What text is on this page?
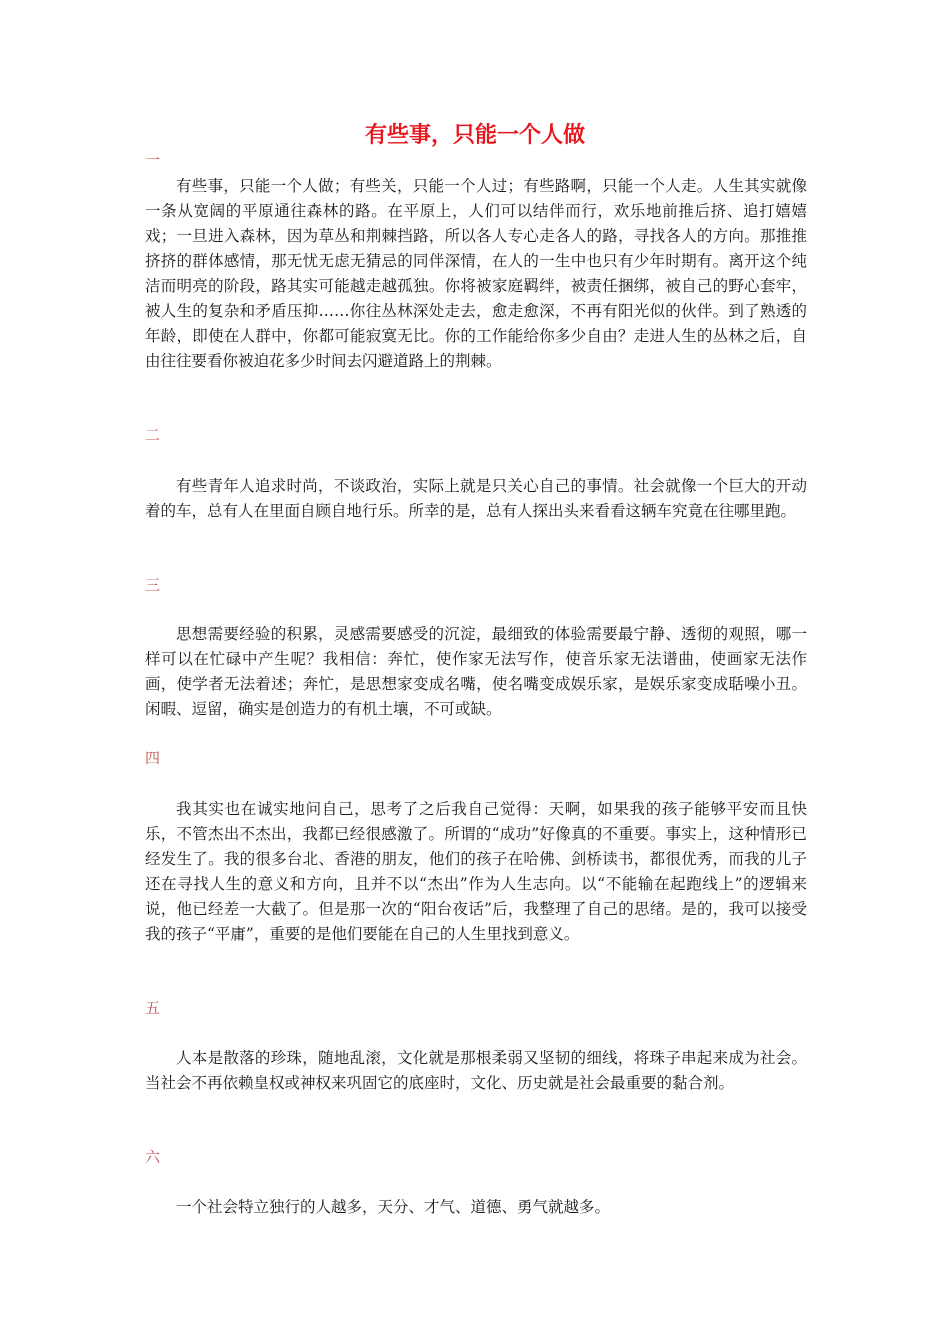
有些事，只能一个人做
一

有些事，只能一个人做；有些关，只能一个人过；有些路啊，只能一个人走。人生其实就像一条从宽阔的平原通往森林的路。在平原上，人们可以结伴而行，欢乐地前推后挤、追打嬉嬉戏；一旦进入森林，因为草丛和荆棘挡路，所以各人专心走各人的路，寻找各人的方向。那推推挤挤的群体感情，那无忧无虑无猜忌的同伴深情，在人的一生中也只有少年时期有。离开这个纯洁而明亮的阶段，路其实可能越走越孤独。你将被家庭羁绊，被责任捆绑，被自己的野心套牢，被人生的复杂和矛盾压抑……你往丛林深处走去，愈走愈深，不再有阳光似的伙伴。到了熟透的年龄，即使在人群中，你都可能寂寞无比。你的工作能给你多少自由？走进人生的丛林之后，自由往往要看你被迫花多少时间去闪避道路上的荆棘。

二

有些青年人追求时尚，不谈政治，实际上就是只关心自己的事情。社会就像一个巨大的开动着的车，总有人在里面自顾自地行乐。所幸的是，总有人探出头来看看这辆车究竟在往哪里跑。

三

思想需要经验的积累，灵感需要感受的沉淀，最细致的体验需要最宁静、透彻的观照，哪一样可以在忙碌中产生呢？我相信：奔忙，使作家无法写作，使音乐家无法谱曲，使画家无法作画，使学者无法着述；奔忙，是思想家变成名嘴，使名嘴变成娱乐家，是娱乐家变成聒噪小丑。闲暇、逗留，确实是创造力的有机土壤，不可或缺。

四

我其实也在诚实地问自己，思考了之后我自己觉得：天啊，如果我的孩子能够平安而且快乐，不管杰出不杰出，我都已经很感激了。所谓的“成功”好像真的不重要。事实上，这种情形已经发生了。我的很多台北、香港的朋友，他们的孩子在哈佛、剑桥读书，都很优秀，而我的儿子还在寻找人生的意义和方向，且并不以“杰出”作为人生志向。以“不能输在起跑线上”的逻辑来说，他已经差一大截了。但是那一次的“阳台夜话”后，我整理了自己的思绪。是的，我可以接受我的孩子“平庸”，重要的是他们要能在自己的人生里找到意义。

五

人本是散落的珍珠，随地乱滚，文化就是那根柔弱又坚韧的细线，将珠子串起来成为社会。当社会不再依赖皇权或神权来巩固它的底座时，文化、历史就是社会最重要的黏合剂。

六

一个社会特立独行的人越多，天分、才气、道德、勇气就越多。
